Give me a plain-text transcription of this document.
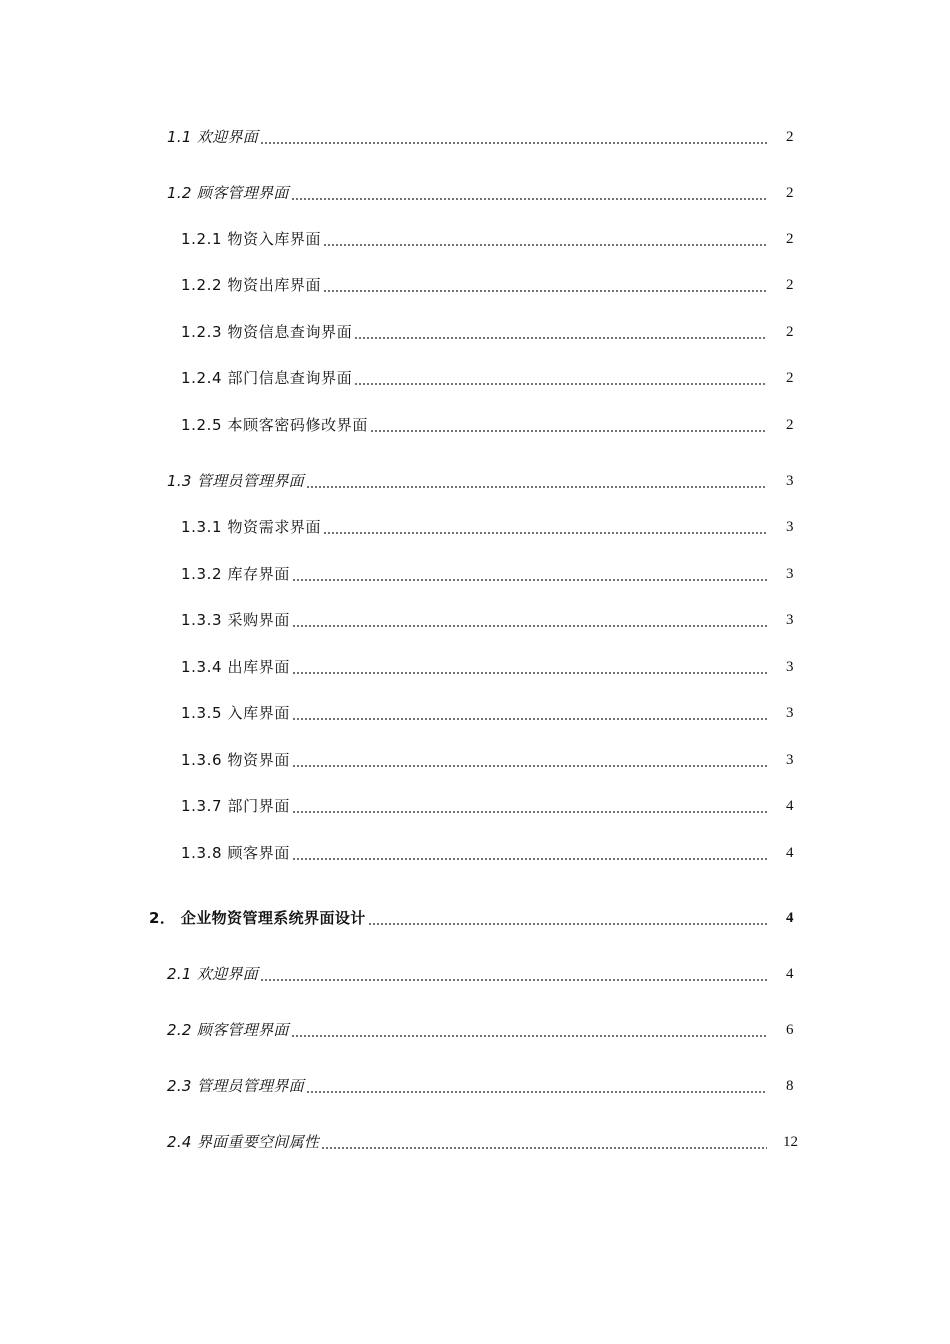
1.1 欢迎界面	2
1.2 顾客管理界面	2
1.2.1 物资入库界面	2
1.2.2 物资出库界面	2
1.2.3 物资信息查询界面	2
1.2.4 部门信息查询界面	2
1.2.5 本顾客密码修改界面	2
1.3 管理员管理界面	3
1.3.1 物资需求界面	3
1.3.2 库存界面	3
1.3.3 采购界面	3
1.3.4 出库界面	3
1.3.5 入库界面	3
1.3.6 物资界面	3
1.3.7 部门界面	4
1.3.8 顾客界面	4
2． 企业物资管理系统界面设计	4
2.1 欢迎界面	4
2.2 顾客管理界面	6
2.3 管理员管理界面	8
2.4 界面重要空间属性	12
